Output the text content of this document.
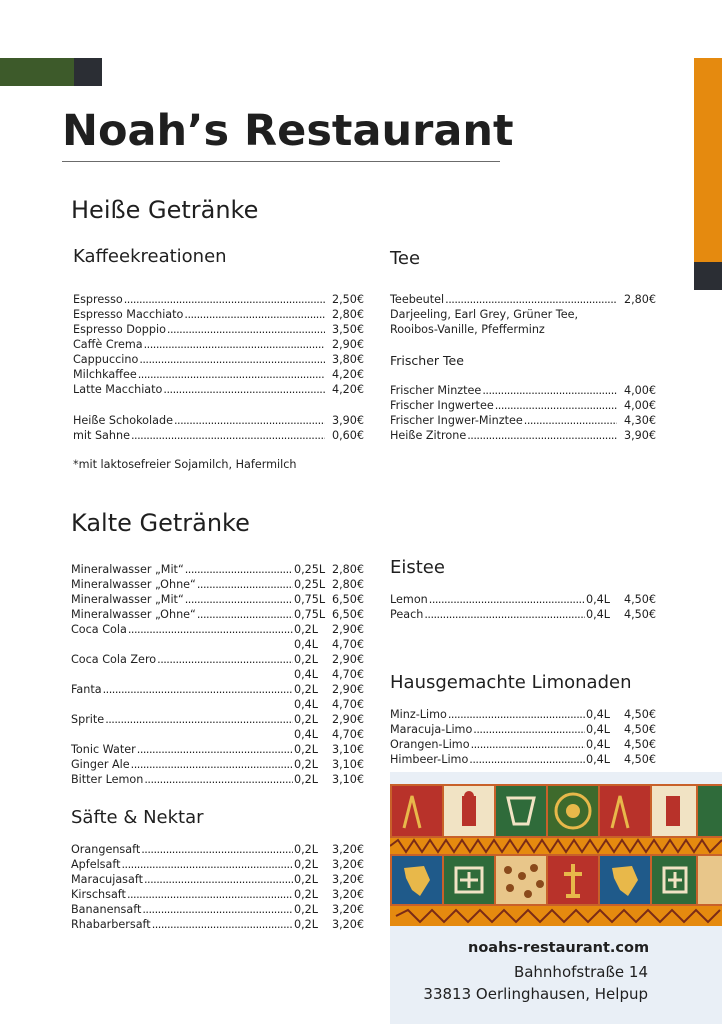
Noah’s Restaurant
Heiße Getränke
Kaffeekreationen
Espresso .....	2,50€
Espresso Macchiato .....	2,80€
Espresso Doppio .....	3,50€
Caffè Crema .....	2,90€
Cappuccino .....	3,80€
Milchkaffee .....	4,20€
Latte Macchiato .....	4,20€
Heiße Schokolade .....	3,90€
mit Sahne .....	0,60€
*mit laktosefreier Sojamilch, Hafermilch
Tee
Teebeutel .....	2,80€
Darjeeling, Earl Grey, Grüner Tee,
Rooibos-Vanille, Pfefferminz
Frischer Tee
Frischer Minztee .....	4,00€
Frischer Ingwertee .....	4,00€
Frischer Ingwer-Minztee .....	4,30€
Heiße Zitrone .....	3,90€
Kalte Getränke
Mineralwasser „Mit“ .....	0,25L 2,80€
Mineralwasser „Ohne“ .....	0,25L 2,80€
Mineralwasser „Mit“ .....	0,75L 6,50€
Mineralwasser „Ohne“ .....	0,75L 6,50€
Coca Cola .....	0,2L	2,90€
0,4L	4,70€
Coca Cola Zero .....	0,2L	2,90€
0,4L	4,70€
Fanta .....	0,2L	2,90€
0,4L	4,70€
Sprite .....	0,2L	2,90€
0,4L	4,70€
Tonic Water .....	0,2L	3,10€
Ginger Ale .....	0,2L	3,10€
Bitter Lemon .....	0,2L	3,10€
Säfte & Nektar
Orangensaft .....	0,2L	3,20€
Apfelsaft .....	0,2L	3,20€
Maracujasaft .....	0,2L	3,20€
Kirschsaft .....	0,2L	3,20€
Bananensaft .....	0,2L	3,20€
Rhabarbersaft .....	0,2L	3,20€
Eistee
Lemon .....	0,4L	4,50€
Peach .....	0,4L	4,50€
Hausgemachte Limonaden
Minz-Limo .....	0,4L	4,50€
Maracuja-Limo .....	0,4L	4,50€
Orangen-Limo .....	0,4L	4,50€
Himbeer-Limo .....	0,4L	4,50€
noahs-restaurant.com
Bahnhofstraße 14
33813 Oerlinghausen, Helpup
